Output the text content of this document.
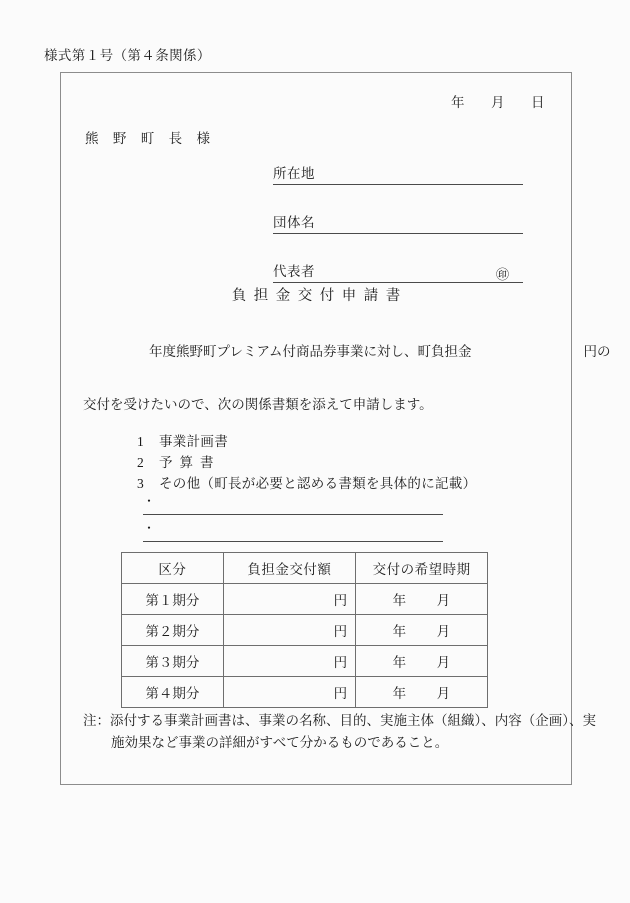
様式第１号（第４条関係）
年 月 日
熊 野 町 長 様
所在地
団体名
代表者	㊞
負担金交付申請書
年度熊野町プレミアム付商品券事業に対し、町負担金	円の
交付を受けたいので、次の関係書類を添えて申請します。
1	事業計画書
2	予算書
3	その他（町長が必要と認める書類を具体的に記載）
・
・
区分	負担金交付額	交付の希望時期
第１期分	円	年 月
第２期分	円	年 月
第３期分	円	年 月
第４期分	円	年 月
注：添付する事業計画書は、事業の名称、目的、実施主体（組織）、内容（企画）、実
施効果など事業の詳細がすべて分かるものであること。
